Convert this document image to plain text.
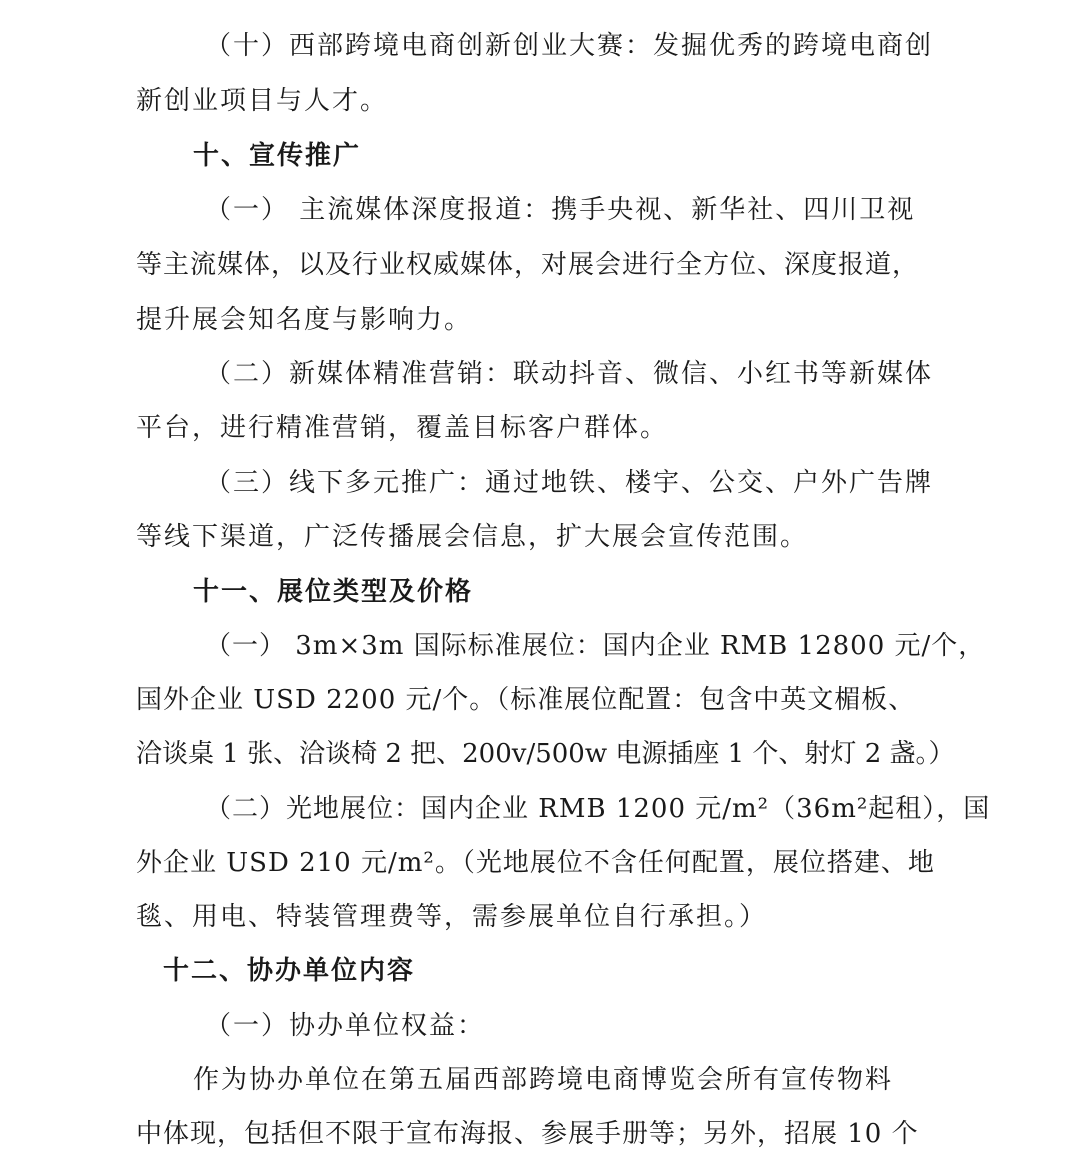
（十）西部跨境电商创新创业大赛：发掘优秀的跨境电商创
新创业项目与人才。
十、宣传推广
（一） 主流媒体深度报道：携手央视、新华社、四川卫视
等主流媒体，以及行业权威媒体，对展会进行全方位、深度报道，
提升展会知名度与影响力。
（二）新媒体精准营销：联动抖音、微信、小红书等新媒体
平台，进行精准营销，覆盖目标客户群体。
（三）线下多元推广：通过地铁、楼宇、公交、户外广告牌
等线下渠道，广泛传播展会信息，扩大展会宣传范围。
十一、展位类型及价格
（一） 3m×3m 国际标准展位：国内企业 RMB 12800 元/个，
国外企业 USD 2200 元/个。（标准展位配置：包含中英文楣板、
洽谈桌 1 张、洽谈椅 2 把、200v/500w 电源插座 1 个、射灯 2 盏。）
（二）光地展位：国内企业 RMB 1200 元/m²（36m²起租），国
外企业 USD 210 元/m²。（光地展位不含任何配置，展位搭建、地
毯、用电、特装管理费等，需参展单位自行承担。）
十二、协办单位内容
（一）协办单位权益：
作为协办单位在第五届西部跨境电商博览会所有宣传物料
中体现，包括但不限于宣布海报、参展手册等；另外，招展 10 个
